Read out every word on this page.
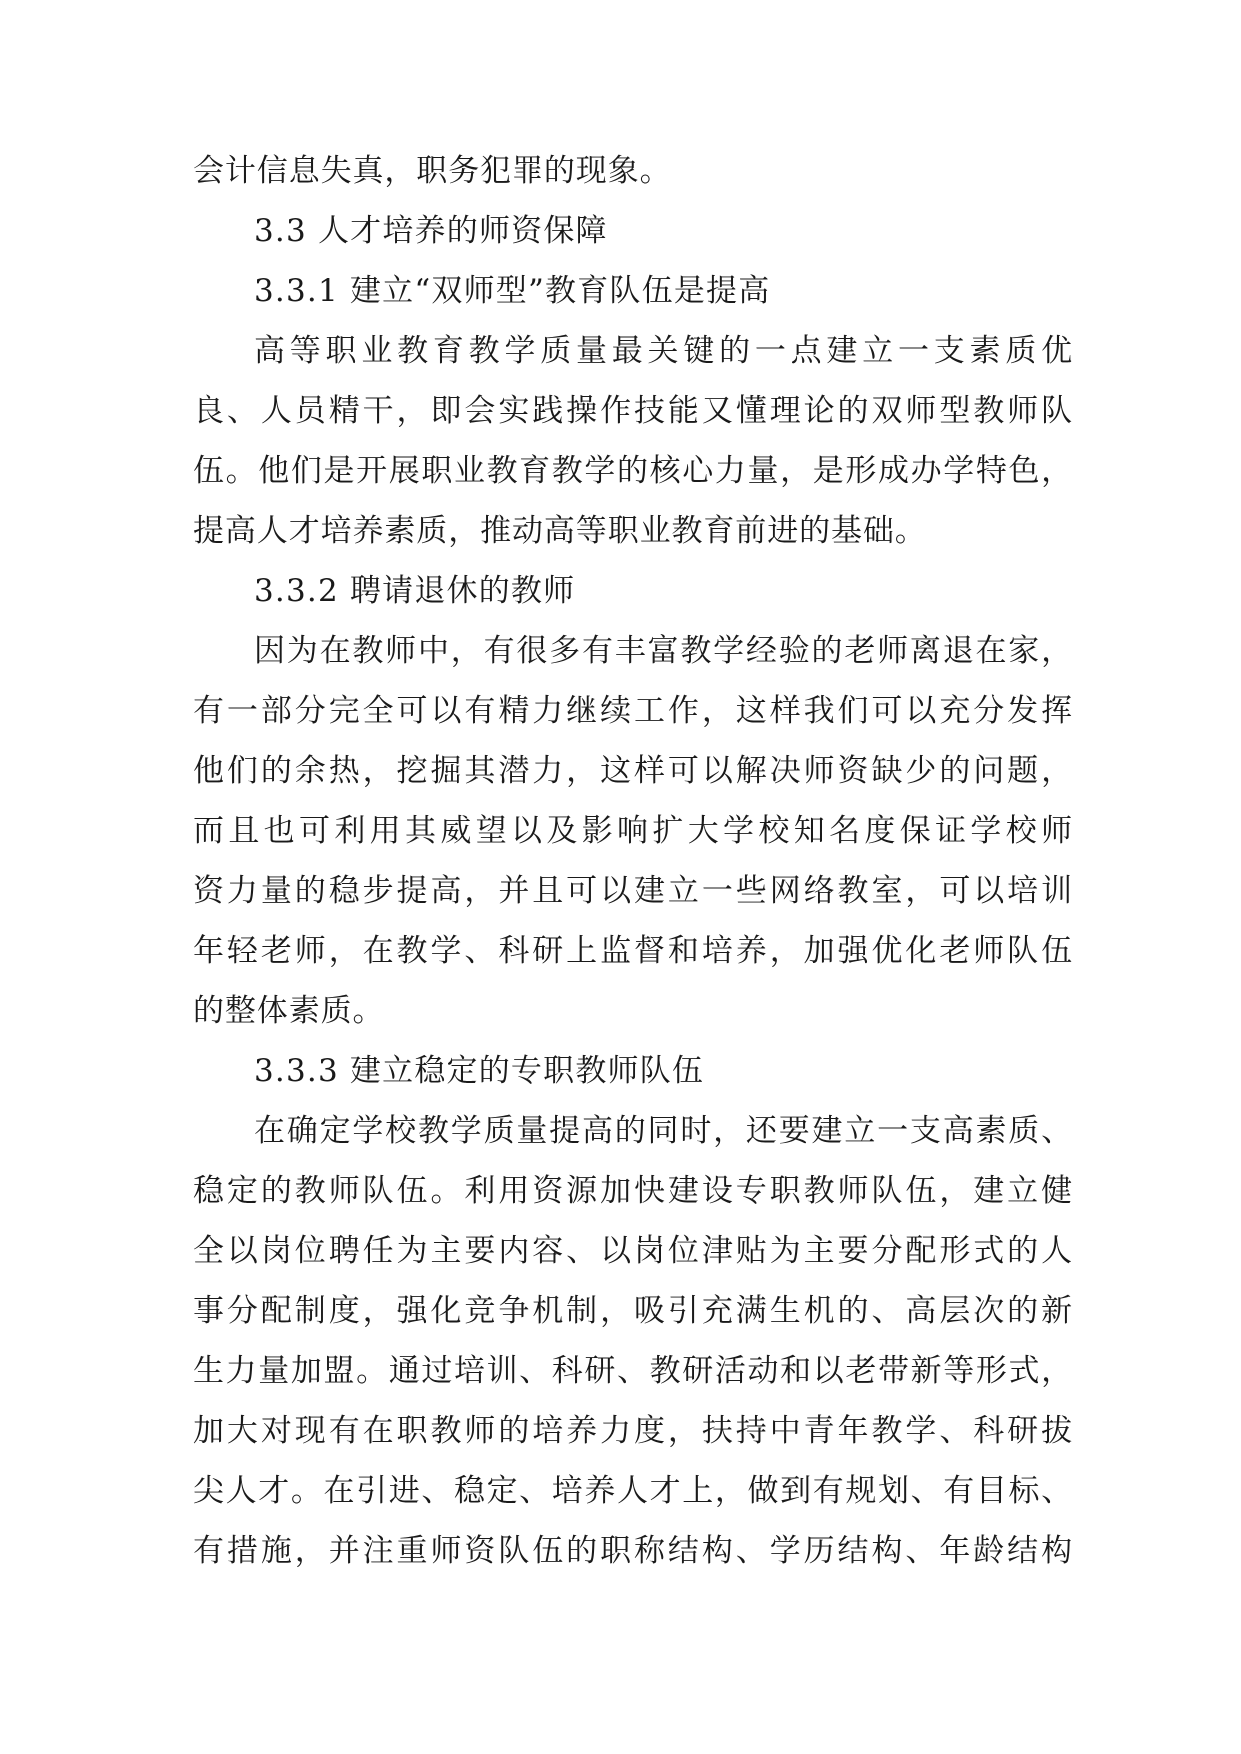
会计信息失真，职务犯罪的现象。
3.3 人才培养的师资保障
3.3.1 建立“双师型”教育队伍是提高
高等职业教育教学质量最关键的一点建立一支素质优
良、人员精干，即会实践操作技能又懂理论的双师型教师队
伍。他们是开展职业教育教学的核心力量，是形成办学特色，
提高人才培养素质，推动高等职业教育前进的基础。
3.3.2 聘请退休的教师
因为在教师中，有很多有丰富教学经验的老师离退在家，
有一部分完全可以有精力继续工作，这样我们可以充分发挥
他们的余热，挖掘其潜力，这样可以解决师资缺少的问题，
而且也可利用其威望以及影响扩大学校知名度保证学校师
资力量的稳步提高，并且可以建立一些网络教室，可以培训
年轻老师，在教学、科研上监督和培养，加强优化老师队伍
的整体素质。
3.3.3 建立稳定的专职教师队伍
在确定学校教学质量提高的同时，还要建立一支高素质、
稳定的教师队伍。利用资源加快建设专职教师队伍，建立健
全以岗位聘任为主要内容、以岗位津贴为主要分配形式的人
事分配制度，强化竞争机制，吸引充满生机的、高层次的新
生力量加盟。通过培训、科研、教研活动和以老带新等形式，
加大对现有在职教师的培养力度，扶持中青年教学、科研拔
尖人才。在引进、稳定、培养人才上，做到有规划、有目标、
有措施，并注重师资队伍的职称结构、学历结构、年龄结构
